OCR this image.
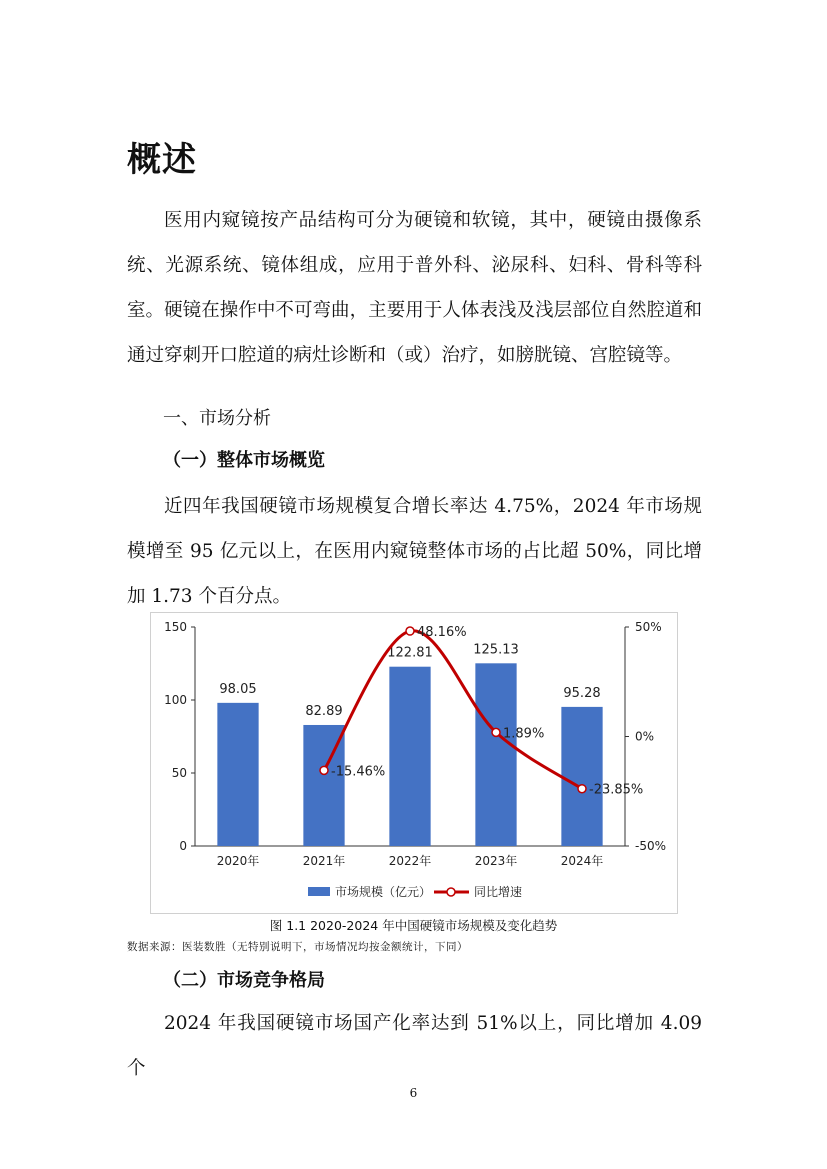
概述
医用内窥镜按产品结构可分为硬镜和软镜，其中，硬镜由摄像系统、光源系统、镜体组成，应用于普外科、泌尿科、妇科、骨科等科室。硬镜在操作中不可弯曲，主要用于人体表浅及浅层部位自然腔道和通过穿刺开口腔道的病灶诊断和（或）治疗，如膀胱镜、宫腔镜等。
一、市场分析
（一）整体市场概览
近四年我国硬镜市场规模复合增长率达 4.75%，2024 年市场规模增至 95 亿元以上，在医用内窥镜整体市场的占比超 50%，同比增加 1.73 个百分点。
0
50
100
150
-50%
0%
50%
98.05
82.89
122.81	125.13
95.28
2020年	2021年	2022年	2023年	2024年
-15.46%
48.16%
1.89%
-23.85%
市场规模（亿元）	同比增速
图 1.1 2020-2024 年中国硬镜市场规模及变化趋势
数据来源：医装数胜（无特别说明下，市场情况均按金额统计，下同）
（二）市场竞争格局
2024 年我国硬镜市场国产化率达到 51%以上，同比增加 4.09 个
6
